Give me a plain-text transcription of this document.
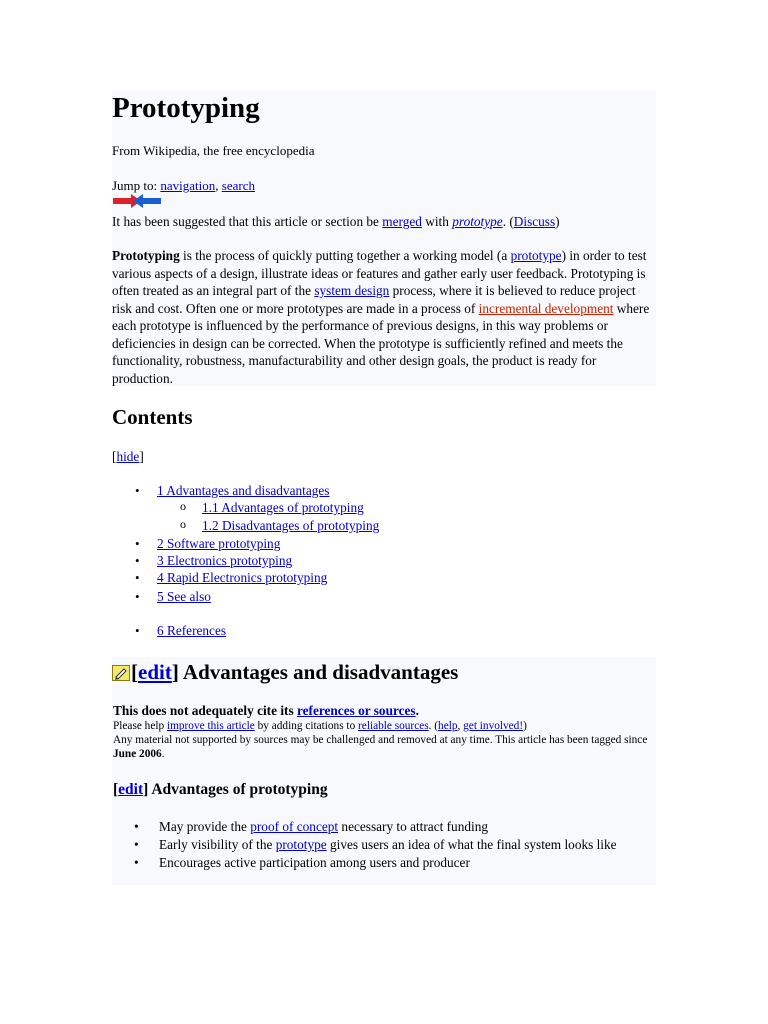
Prototyping
From Wikipedia, the free encyclopedia
Jump to: navigation, search
It has been suggested that this article or section be merged with prototype. (Discuss)

Prototyping is the process of quickly putting together a working model (a prototype) in order to test various aspects of a design, illustrate ideas or features and gather early user feedback. Prototyping is often treated as an integral part of the system design process, where it is believed to reduce project risk and cost. Often one or more prototypes are made in a process of incremental development where each prototype is influenced by the performance of previous designs, in this way problems or deficiencies in design can be corrected. When the prototype is sufficiently refined and meets the functionality, robustness, manufacturability and other design goals, the product is ready for production.

Contents
[hide]
• 1 Advantages and disadvantages
o 1.1 Advantages of prototyping
o 1.2 Disadvantages of prototyping
• 2 Software prototyping
• 3 Electronics prototyping
• 4 Rapid Electronics prototyping
• 5 See also
• 6 References
[edit] Advantages and disadvantages
This does not adequately cite its references or sources.
Please help improve this article by adding citations to reliable sources. (help, get involved!)
Any material not supported by sources may be challenged and removed at any time. This article has been tagged since June 2006.
[edit] Advantages of prototyping
• May provide the proof of concept necessary to attract funding
• Early visibility of the prototype gives users an idea of what the final system looks like
• Encourages active participation among users and producer
